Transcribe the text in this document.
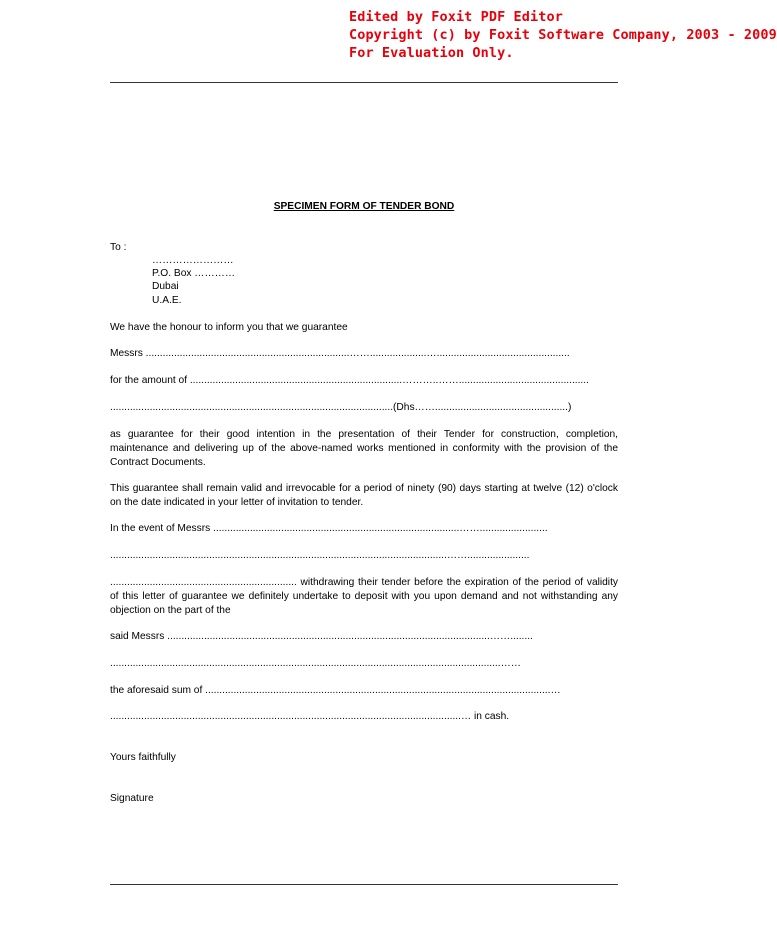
Edited by Foxit PDF Editor
Copyright (c) by Foxit Software Company, 2003 - 2009
For Evaluation Only.
SPECIMEN FORM OF TENDER BOND
To :
……………………
P.O. Box …………
Dubai
U.A.E.
We have the honour to inform you that we guarantee
Messrs ........................................................................……....................…...............................................
for the amount of ...........................................................................………..……..............................................
....................................................................................................(Dhs……...............................................)
as guarantee for their good intention in the presentation of their Tender for construction, completion, maintenance and delivering up of the above-named works mentioned in conformity with the provision of the Contract Documents.
This guarantee shall remain valid and irrevocable for a period of ninety (90) days starting at twelve (12) o'clock on the date indicated in your letter of invitation to tender.
In the event of Messrs .......................................................................................……........................
.......................................................................................................................……......................
.................................................................. withdrawing their tender before the expiration of the period of validity of this letter of guarantee we definitely undertake to deposit with you upon demand and not withstanding any objection on the part of the
said Messrs ..................................................................................................................……........
..........................................................................................................................................……
the aforesaid sum of ..........................................................................................................................…
............................................................................................................................… in cash.
Yours faithfully
Signature
